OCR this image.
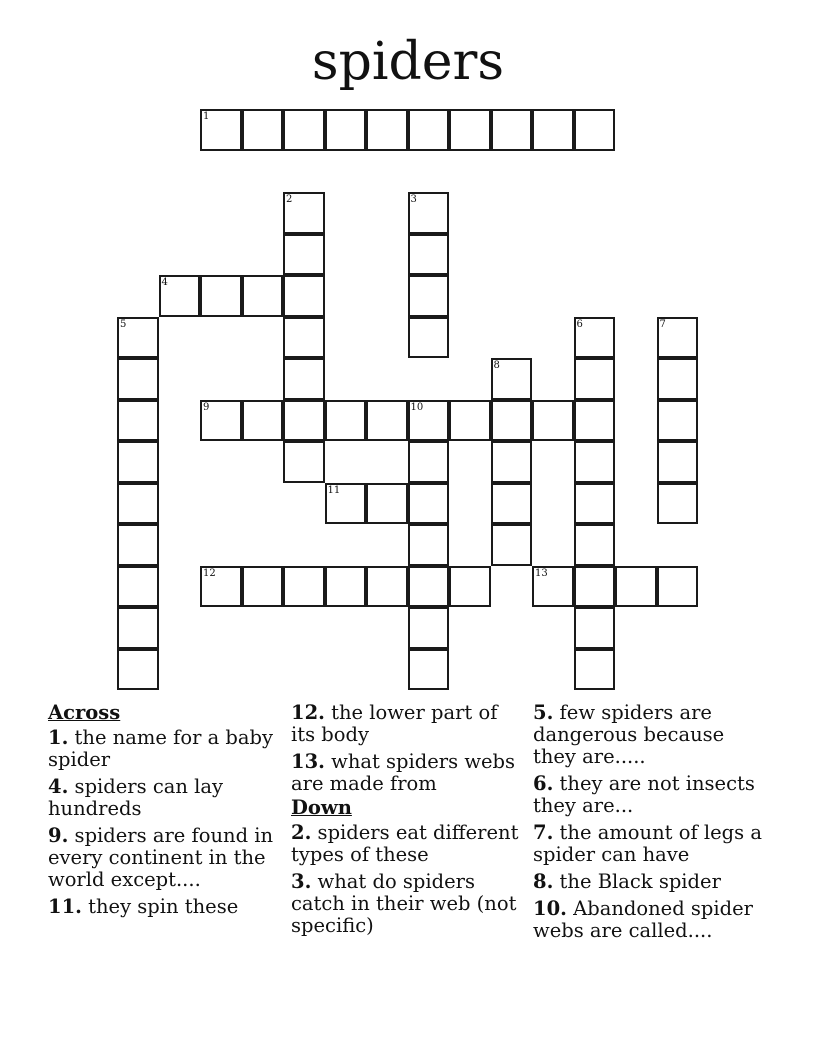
spiders
1
2	3
4
5	6	7
8
9	10
11
12	13
Across
1. the name for a baby spider
4. spiders can lay hundreds
9. spiders are found in every continent in the world except....
11. they spin these
12. the lower part of its body
13. what spiders webs are made from
Down
2. spiders eat different types of these
3. what do spiders catch in their web (not specific)
5. few spiders are dangerous because they are.....
6. they are not insects they are...
7. the amount of legs a spider can have
8. the Black spider
10. Abandoned spider webs are called....
